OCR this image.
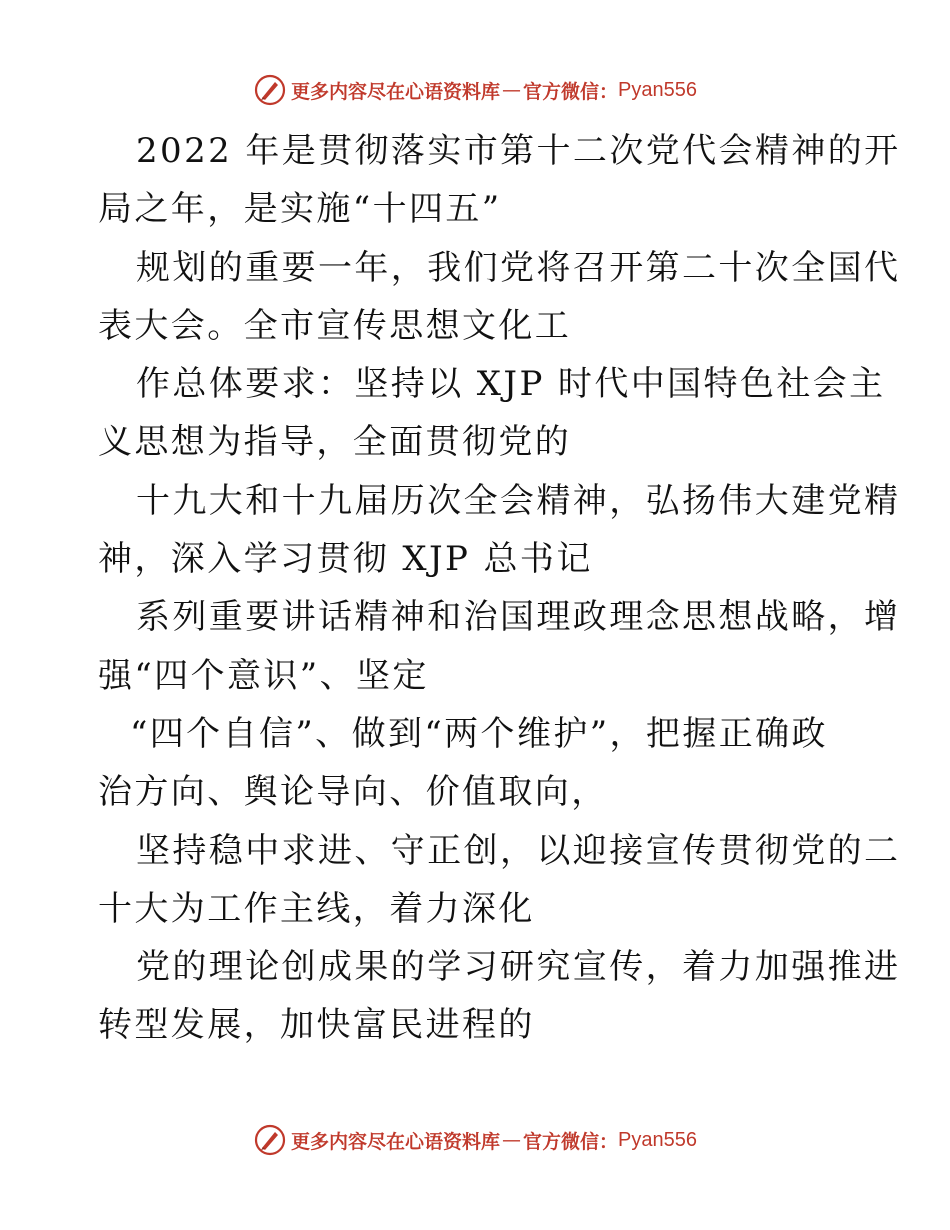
更多内容尽在心语资料库 — 官方微信： Pyan556
2022 年是贯彻落实市第十二次党代会精神的开
局之年，是实施“十四五”
规划的重要一年，我们党将召开第二十次全国代
表大会。全市宣传思想文化工
作总体要求：坚持以 XJP 时代中国特色社会主
义思想为指导，全面贯彻党的
十九大和十九届历次全会精神，弘扬伟大建党精
神，深入学习贯彻 XJP 总书记
系列重要讲话精神和治国理政理念思想战略，增
强“四个意识”、坚定
“四个自信”、做到“两个维护”，把握正确政
治方向、舆论导向、价值取向，
坚持稳中求进、守正创，以迎接宣传贯彻党的二
十大为工作主线，着力深化
党的理论创成果的学习研究宣传，着力加强推进
转型发展，加快富民进程的
更多内容尽在心语资料库 — 官方微信： Pyan556
